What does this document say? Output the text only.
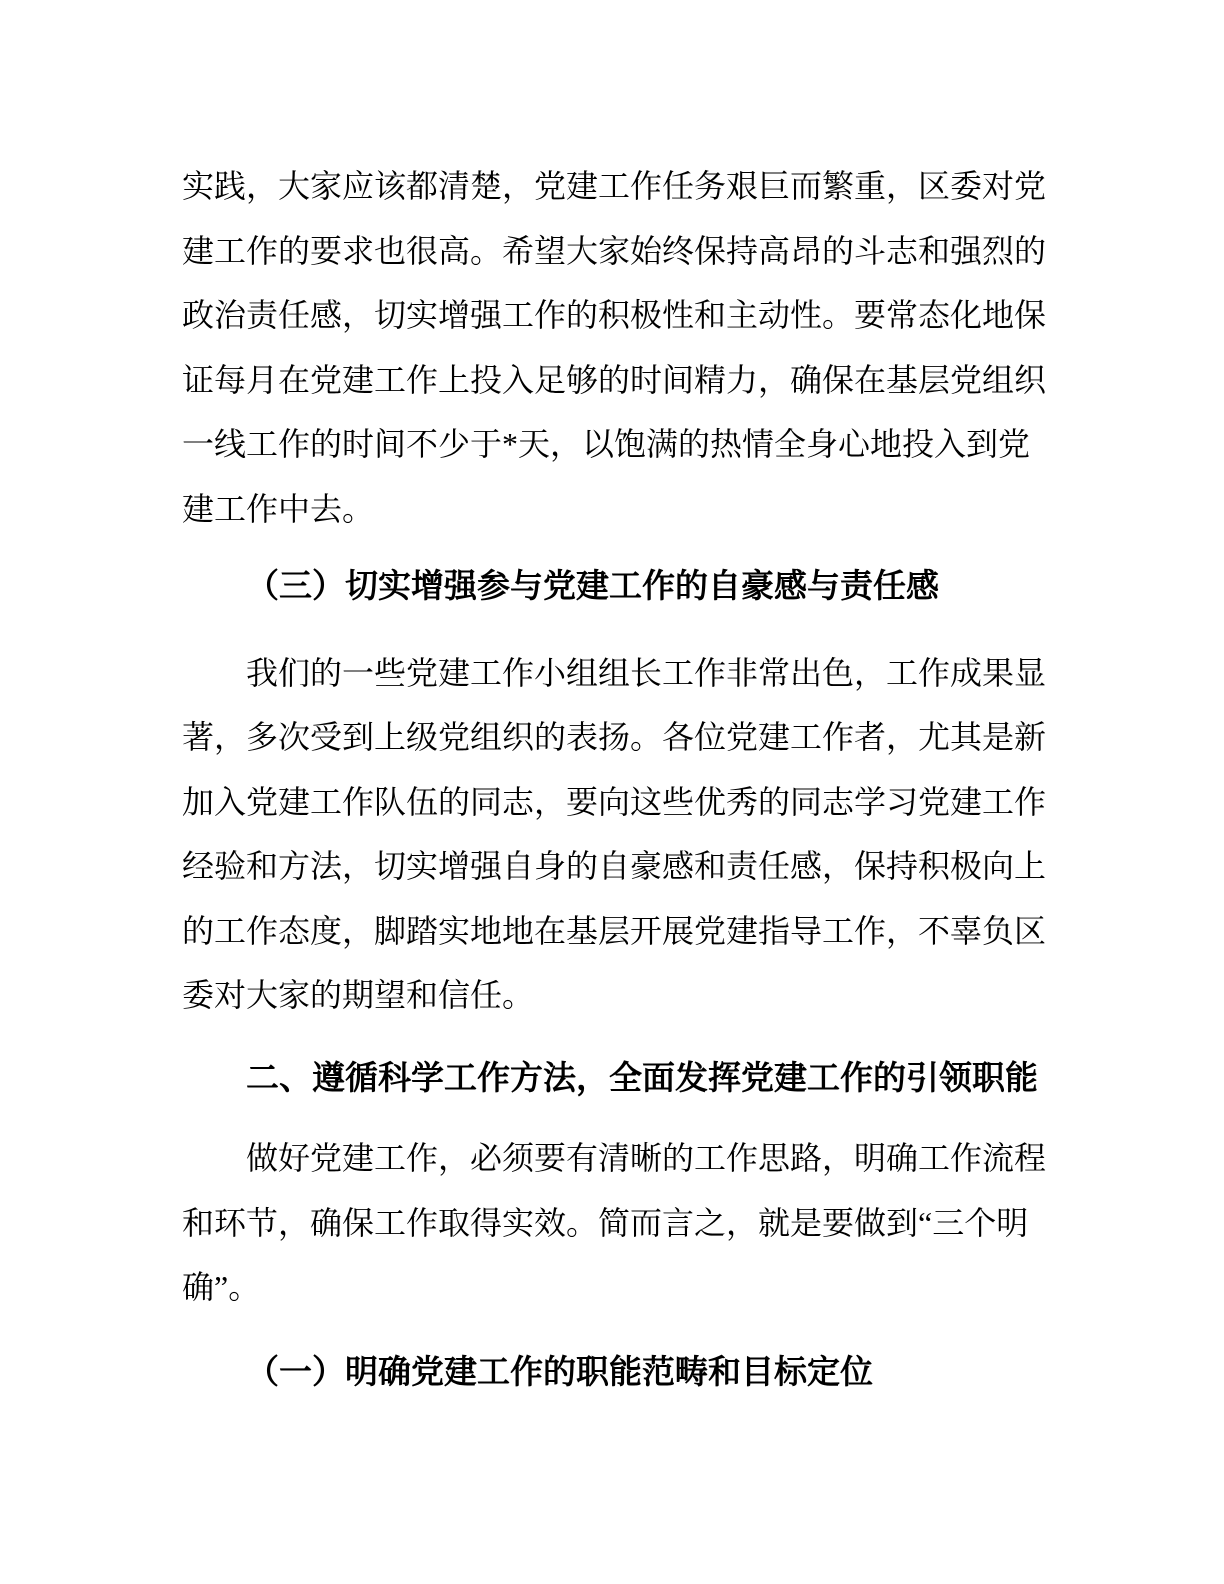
实践，大家应该都清楚，党建工作任务艰巨而繁重，区委对党
建工作的要求也很高。希望大家始终保持高昂的斗志和强烈的
政治责任感，切实增强工作的积极性和主动性。要常态化地保
证每月在党建工作上投入足够的时间精力，确保在基层党组织
一线工作的时间不少于*天，以饱满的热情全身心地投入到党
建工作中去。
（三）切实增强参与党建工作的自豪感与责任感
我们的一些党建工作小组组长工作非常出色，工作成果显
著，多次受到上级党组织的表扬。各位党建工作者，尤其是新
加入党建工作队伍的同志，要向这些优秀的同志学习党建工作
经验和方法，切实增强自身的自豪感和责任感，保持积极向上
的工作态度，脚踏实地地在基层开展党建指导工作，不辜负区
委对大家的期望和信任。
二、遵循科学工作方法，全面发挥党建工作的引领职能
做好党建工作，必须要有清晰的工作思路，明确工作流程
和环节，确保工作取得实效。简而言之，就是要做到“三个明
确”。
（一）明确党建工作的职能范畴和目标定位
